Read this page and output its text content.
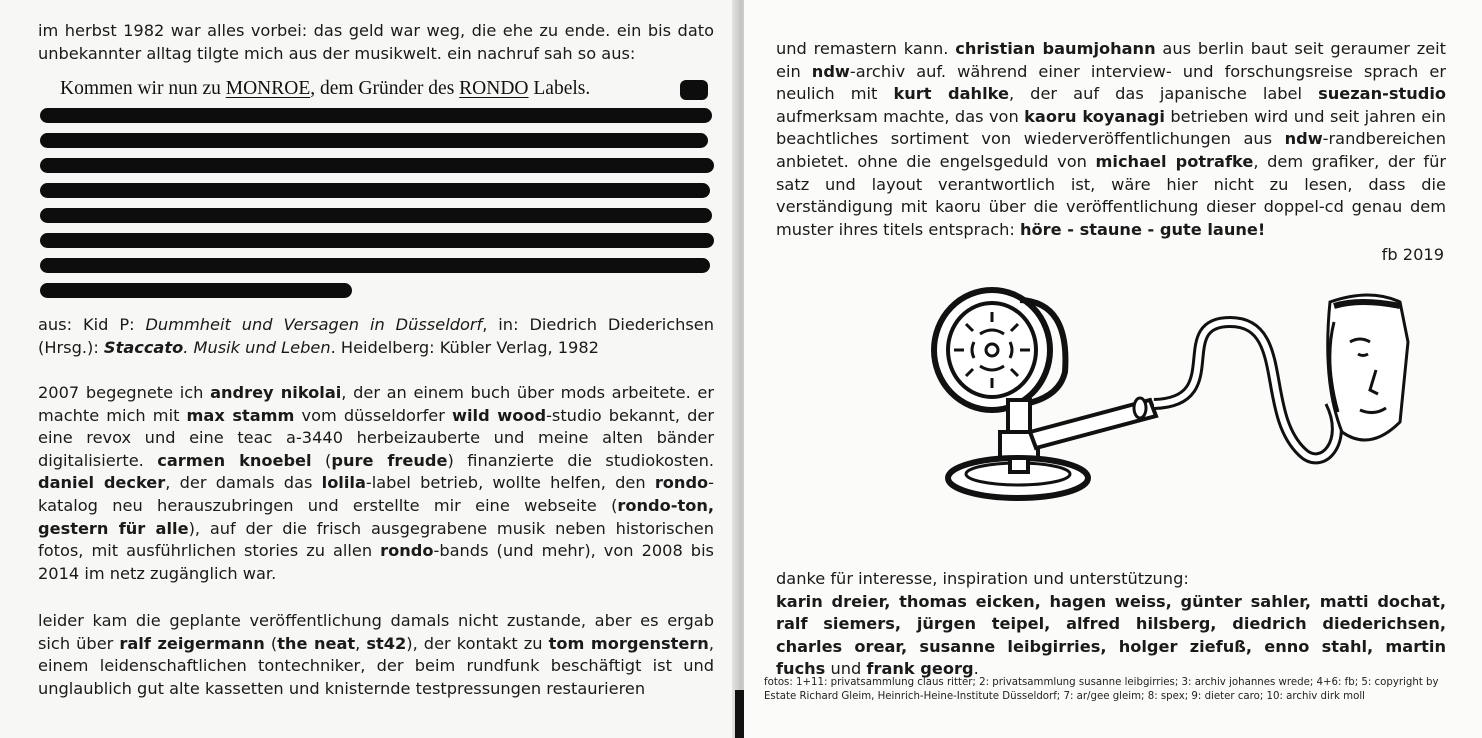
im herbst 1982 war alles vorbei: das geld war weg, die ehe zu ende. ein bis dato unbekannter alltag tilgte mich aus der musikwelt. ein nachruf sah so aus:

Kommen wir nun zu MONROE, dem Gründer des RONDO Labels.

aus: Kid P: Dummheit und Versagen in Düsseldorf, in: Diedrich Diederichsen (Hrsg.): Staccato. Musik und Leben. Heidelberg: Kübler Verlag, 1982

2007 begegnete ich andrey nikolai, der an einem buch über mods arbeitete. er machte mich mit max stamm vom düsseldorfer wild wood-studio bekannt, der eine revox und eine teac a-3440 herbeizauberte und meine alten bänder digitalisierte. carmen knoebel (pure freude) finanzierte die studiokosten. daniel decker, der damals das lolila-label betrieb, wollte helfen, den rondo-katalog neu herauszubringen und erstellte mir eine webseite (rondo-ton, gestern für alle), auf der die frisch ausgegrabene musik neben historischen fotos, mit ausführlichen stories zu allen rondo-bands (und mehr), von 2008 bis 2014 im netz zugänglich war.

leider kam die geplante veröffentlichung damals nicht zustande, aber es ergab sich über ralf zeigermann (the neat, st42), der kontakt zu tom morgenstern, einem leidenschaftlichen tontechniker, der beim rundfunk beschäftigt ist und unglaublich gut alte kassetten und knisternde testpressungen restaurieren

und remastern kann. christian baumjohann aus berlin baut seit geraumer zeit ein ndw-archiv auf. während einer interview- und forschungsreise sprach er neulich mit kurt dahlke, der auf das japanische label suezan-studio aufmerksam machte, das von kaoru koyanagi betrieben wird und seit jahren ein beachtliches sortiment von wiederveröffentlichungen aus ndw-randbereichen anbietet. ohne die engelsgeduld von michael potrafke, dem grafiker, der für satz und layout verantwortlich ist, wäre hier nicht zu lesen, dass die verständigung mit kaoru über die veröffentlichung dieser doppel-cd genau dem muster ihres titels entsprach: höre - staune - gute laune!

fb 2019

danke für interesse, inspiration und unterstützung:
karin dreier, thomas eicken, hagen weiss, günter sahler, matti dochat, ralf siemers, jürgen teipel, alfred hilsberg, diedrich diederichsen, charles orear, susanne leibgirries, holger ziefuß, enno stahl, martin fuchs und frank georg.

fotos: 1+11: privatsammlung claus ritter; 2: privatsammlung susanne leibgirries; 3: archiv johannes wrede; 4+6: fb; 5: copyright by Estate Richard Gleim, Heinrich-Heine-Institute Düsseldorf; 7: ar/gee gleim; 8: spex; 9: dieter caro; 10: archiv dirk moll
